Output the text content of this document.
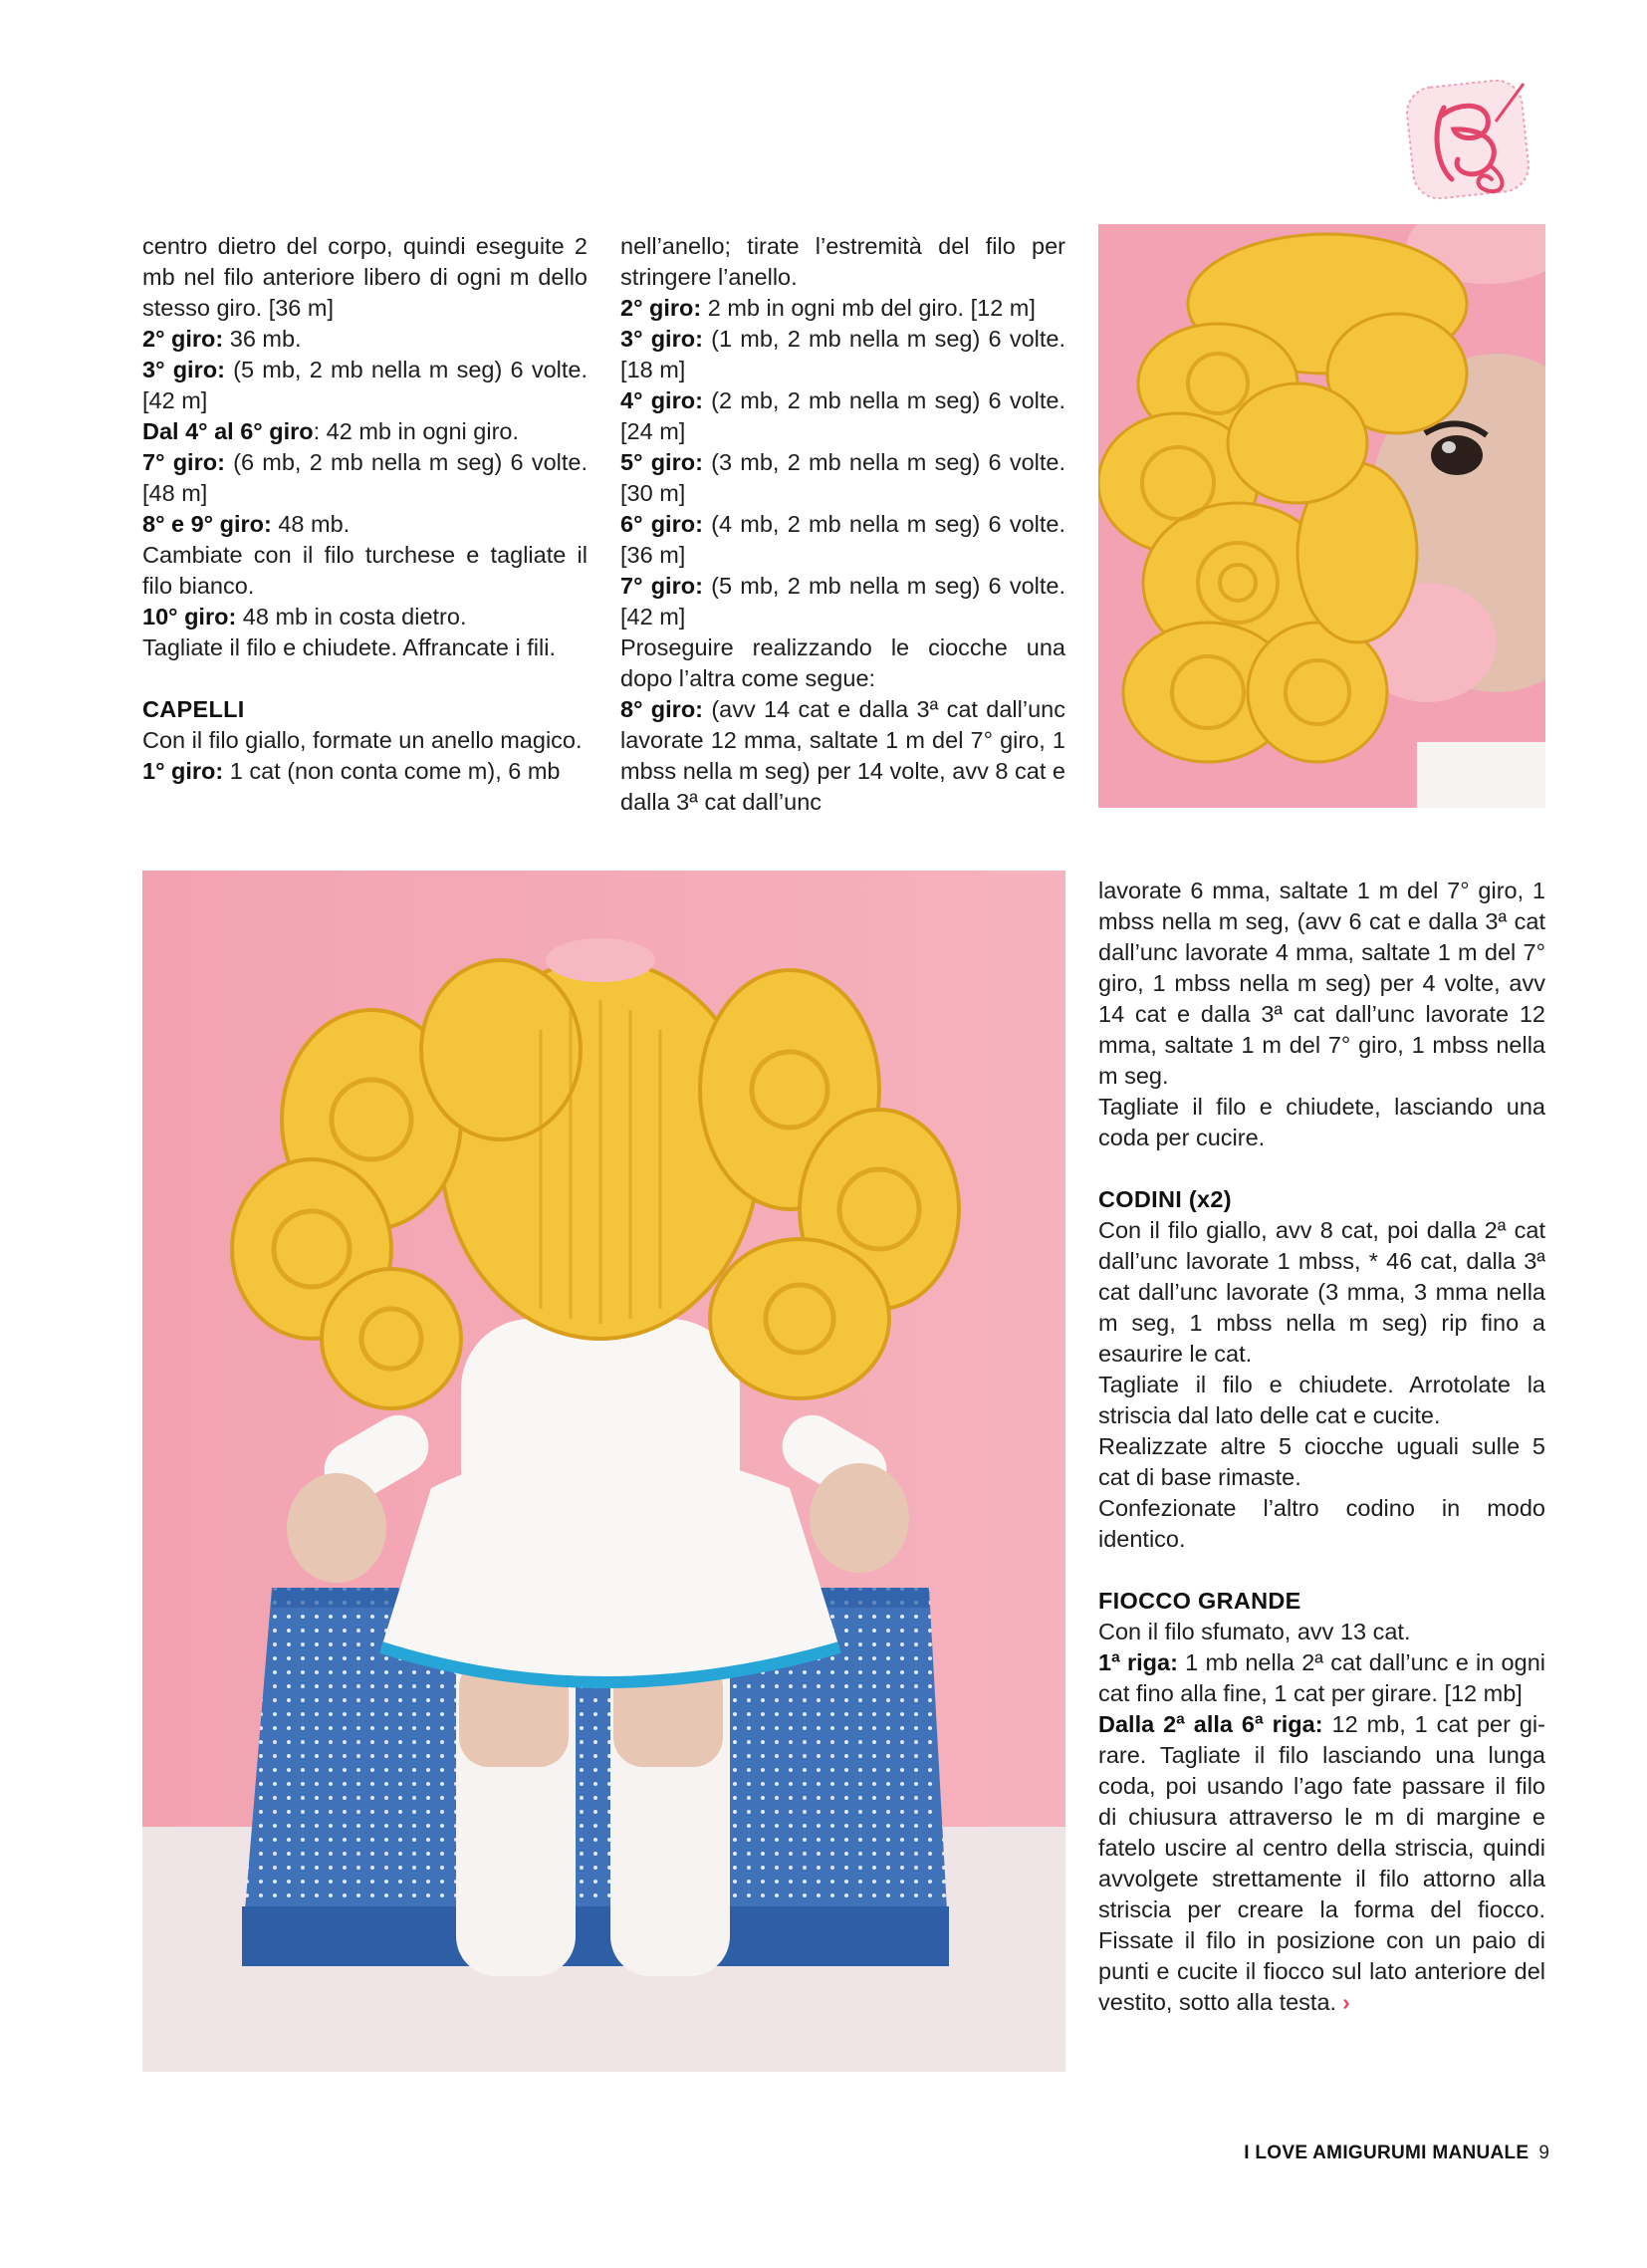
centro dietro del corpo, quindi eseguite 2 mb nel filo anteriore libero di ogni m dello stesso giro. [36 m]

2° giro: 36 mb.

3° giro: (5 mb, 2 mb nella m seg) 6 volte. [42 m]

Dal 4° al 6° giro: 42 mb in ogni giro.

7° giro: (6 mb, 2 mb nella m seg) 6 volte. [48 m]

8° e 9° giro: 48 mb.

Cambiate con il filo turchese e tagliate il filo bianco.

10° giro: 48 mb in costa dietro.

Tagliate il filo e chiudete. Affrancate i fili.

CAPELLI

Con il filo giallo, formate un anello magico.

1° giro: 1 cat (non conta come m), 6 mb

nell’anello; tirate l’estremità del filo per stringere l’anello.

2° giro: 2 mb in ogni mb del giro. [12 m]

3° giro: (1 mb, 2 mb nella m seg) 6 volte. [18 m]

4° giro: (2 mb, 2 mb nella m seg) 6 volte. [24 m]

5° giro: (3 mb, 2 mb nella m seg) 6 volte. [30 m]

6° giro: (4 mb, 2 mb nella m seg) 6 volte. [36 m]

7° giro: (5 mb, 2 mb nella m seg) 6 volte. [42 m]

Proseguire realizzando le ciocche una dopo l’altra come segue:

8° giro: (avv 14 cat e dalla 3ª cat dall’unc lavorate 12 mma, saltate 1 m del 7° giro, 1 mbss nella m seg) per 14 volte, avv 8 cat e dalla 3ª cat dall’unc

lavorate 6 mma, saltate 1 m del 7° giro, 1 mbss nella m seg, (avv 6 cat e dalla 3ª cat dall’unc lavorate 4 mma, saltate 1 m del 7° giro, 1 mbss nella m seg) per 4 volte, avv 14 cat e dalla 3ª cat dall’unc lavorate 12 mma, saltate 1 m del 7° giro, 1 mbss nella m seg.

Tagliate il filo e chiudete, lasciando una coda per cucire.

CODINI (x2)

Con il filo giallo, avv 8 cat, poi dalla 2ª cat dall’unc lavorate 1 mbss, * 46 cat, dalla 3ª cat dall’unc lavorate (3 mma, 3 mma nella m seg, 1 mbss nella m seg) rip fino a esaurire le cat.

Tagliate il filo e chiudete. Arrotolate la striscia dal lato delle cat e cucite.

Realizzate altre 5 ciocche uguali sulle 5 cat di base rimaste.

Confezionate l’altro codino in modo identico.

FIOCCO GRANDE

Con il filo sfumato, avv 13 cat.

1ª riga: 1 mb nella 2ª cat dall’unc e in ogni cat fino alla fine, 1 cat per girare. [12 mb]

Dalla 2ª alla 6ª riga: 12 mb, 1 cat per girare. Tagliate il filo lasciando una lunga coda, poi usando l’ago fate passare il filo di chiusura attraverso le m di margine e fatelo uscire al centro della striscia, quindi avvolgete strettamente il filo attorno alla striscia per creare la forma del fiocco. Fissate il filo in posizione con un paio di punti e cucite il fiocco sul lato anteriore del vestito, sotto alla testa. ›

I LOVE AMIGURUMI MANUALE 9
